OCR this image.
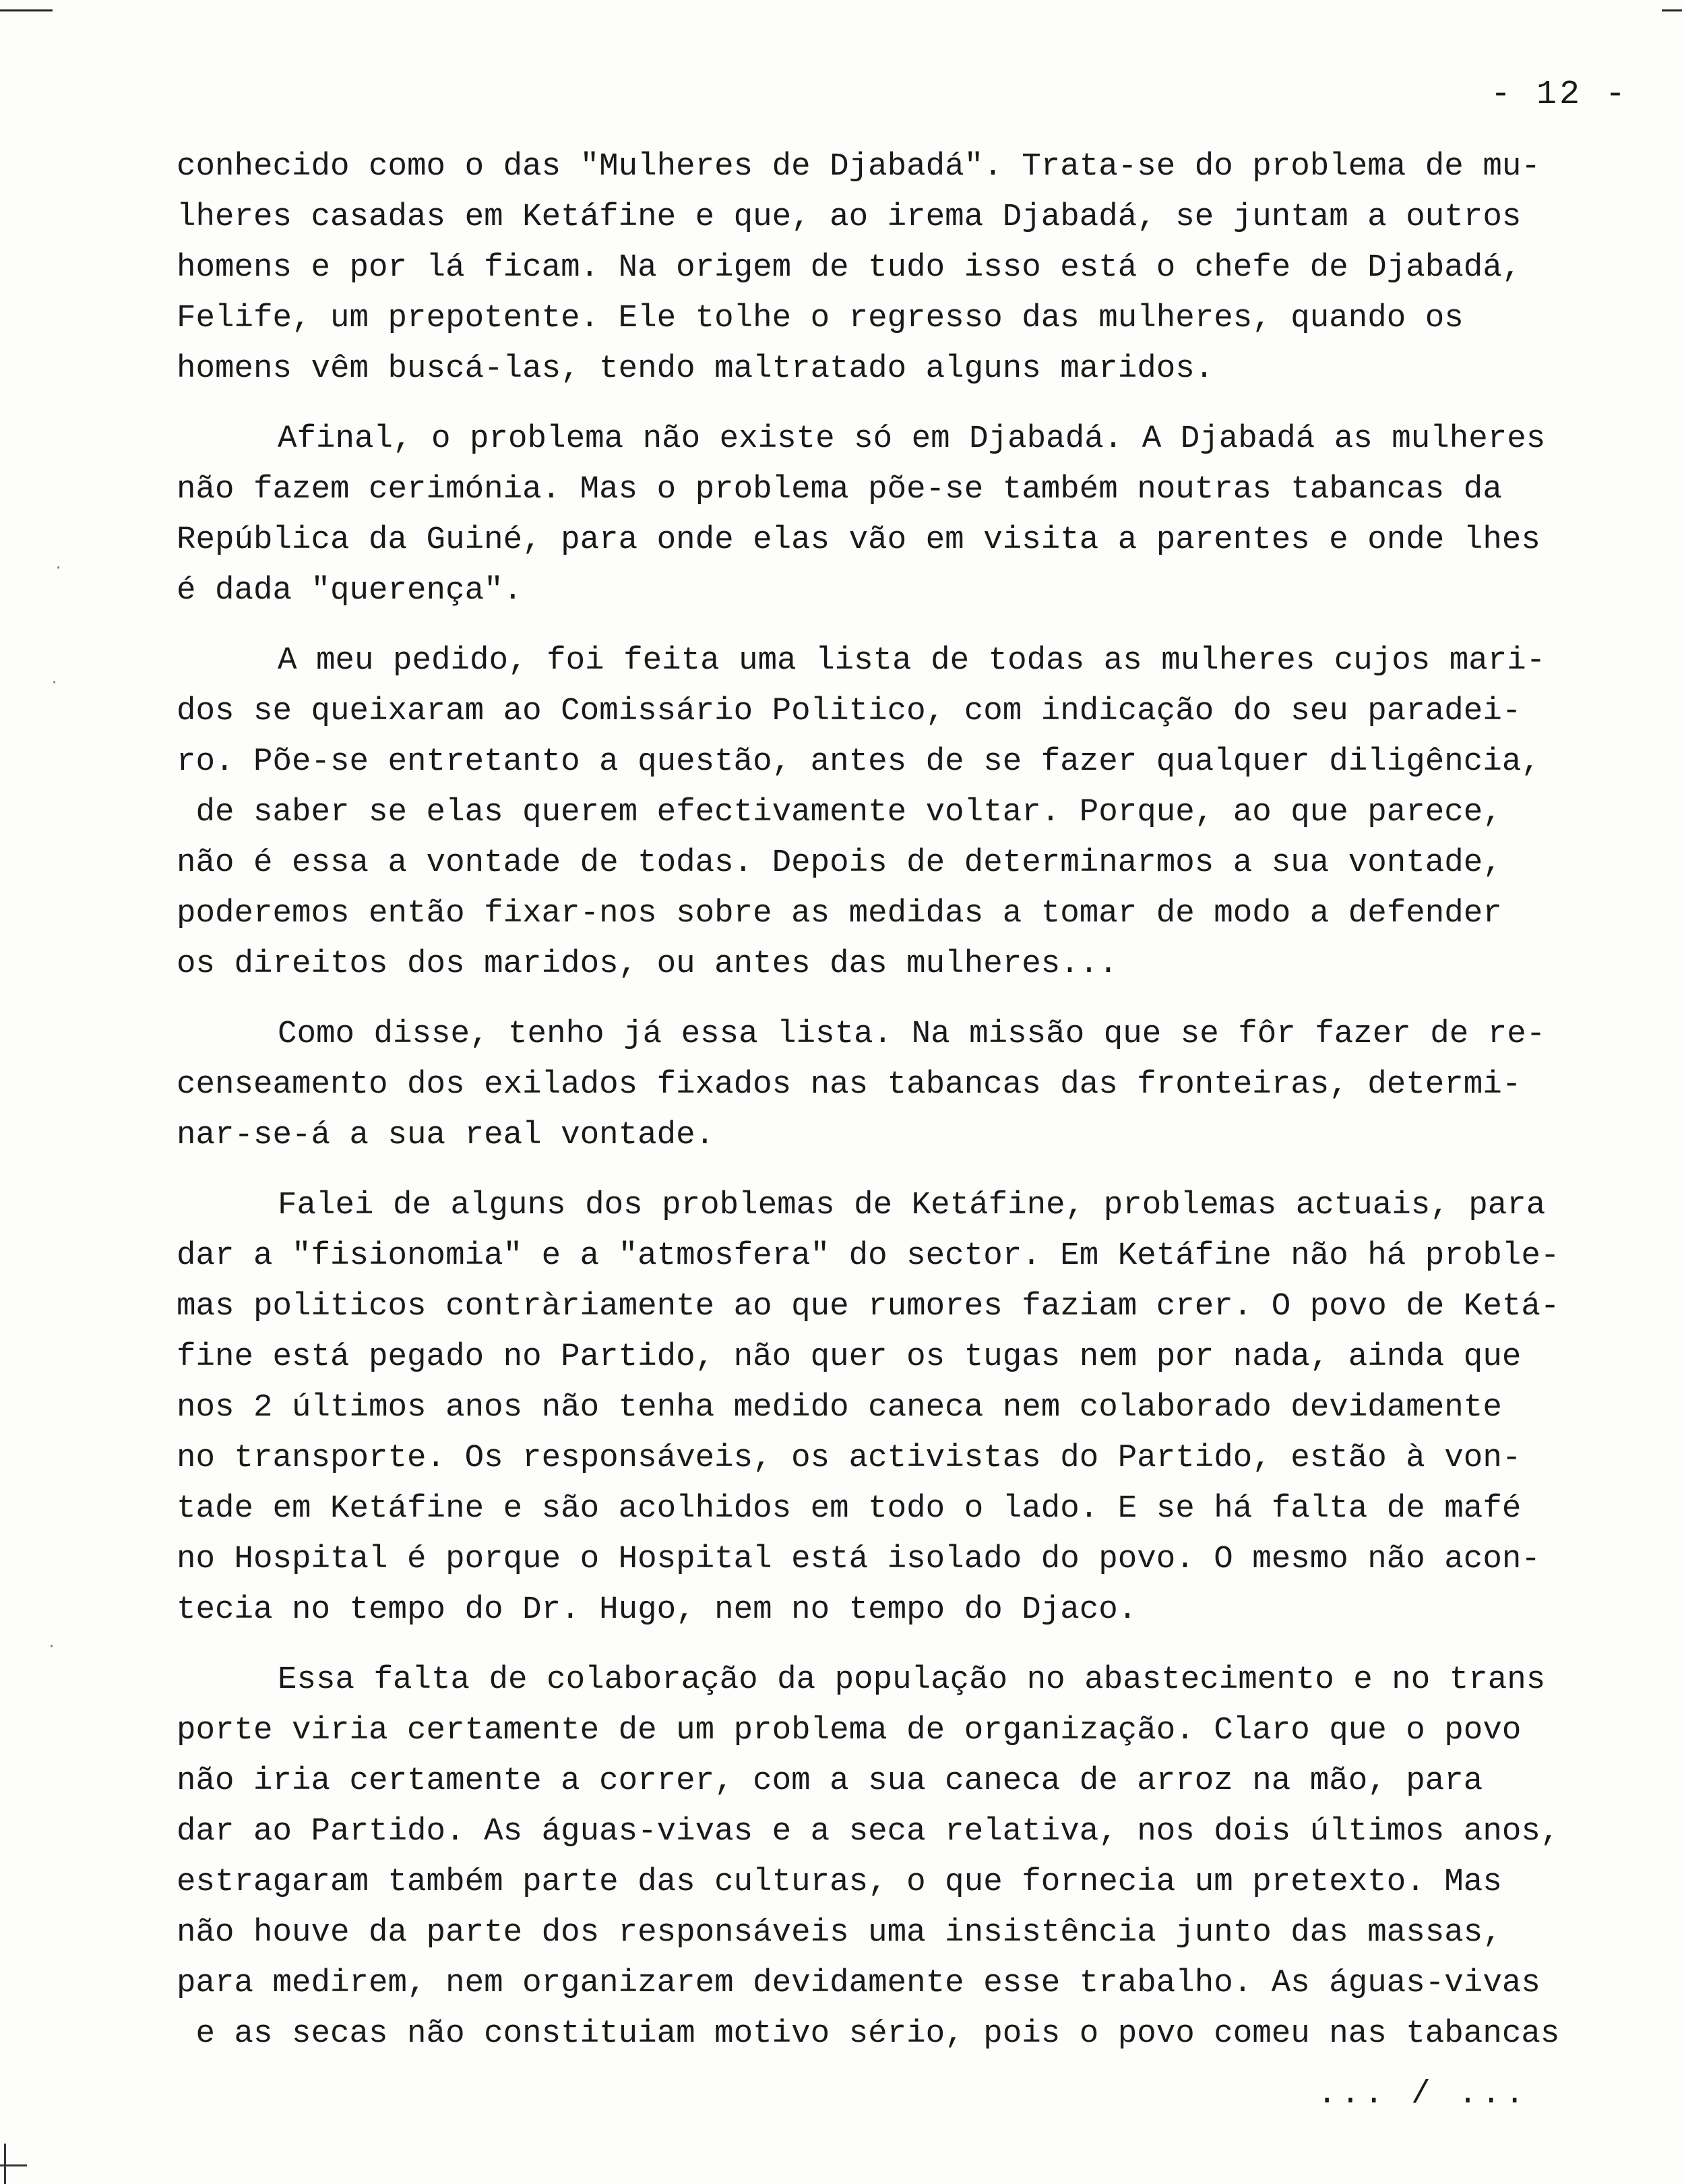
- 12 -

conhecido como o das "Mulheres de Djabadá". Trata-se do problema de mu-
lheres casadas em Ketáfine e que, ao irema Djabadá, se juntam a outros
homens e por lá ficam. Na origem de tudo isso está o chefe de Djabadá,
Felife, um prepotente. Ele tolhe o regresso das mulheres, quando os
homens vêm buscá-las, tendo maltratado alguns maridos.

Afinal, o problema não existe só em Djabadá. A Djabadá as mulheres
não fazem cerimónia. Mas o problema põe-se também noutras tabancas da
República da Guiné, para onde elas vão em visita a parentes e onde lhes
é dada "querença".

A meu pedido, foi feita uma lista de todas as mulheres cujos mari-
dos se queixaram ao Comissário Politico, com indicação do seu paradei-
ro. Põe-se entretanto a questão, antes de se fazer qualquer diligência,
de saber se elas querem efectivamente voltar. Porque, ao que parece,
não é essa a vontade de todas. Depois de determinarmos a sua vontade,
poderemos então fixar-nos sobre as medidas a tomar de modo a defender
os direitos dos maridos, ou antes das mulheres...

Como disse, tenho já essa lista. Na missão que se fôr fazer de re-
censeamento dos exilados fixados nas tabancas das fronteiras, determi-
nar-se-á a sua real vontade.

Falei de alguns dos problemas de Ketáfine, problemas actuais, para
dar a "fisionomia" e a "atmosfera" do sector. Em Ketáfine não há proble-
mas politicos contràriamente ao que rumores faziam crer. O povo de Ketá-
fine está pegado no Partido, não quer os tugas nem por nada, ainda que
nos 2 últimos anos não tenha medido caneca nem colaborado devidamente
no transporte. Os responsáveis, os activistas do Partido, estão à von-
tade em Ketáfine e são acolhidos em todo o lado. E se há falta de mafé
no Hospital é porque o Hospital está isolado do povo. O mesmo não acon-
tecia no tempo do Dr. Hugo, nem no tempo do Djaco.

Essa falta de colaboração da população no abastecimento e no trans
porte viria certamente de um problema de organização. Claro que o povo
não iria certamente a correr, com a sua caneca de arroz na mão, para
dar ao Partido. As águas-vivas e a seca relativa, nos dois últimos anos,
estragaram também parte das culturas, o que fornecia um pretexto. Mas
não houve da parte dos responsáveis uma insistência junto das massas,
para medirem, nem organizarem devidamente esse trabalho. As águas-vivas
e as secas não constituiam motivo sério, pois o povo comeu nas tabancas

... / ...
·
·
·
